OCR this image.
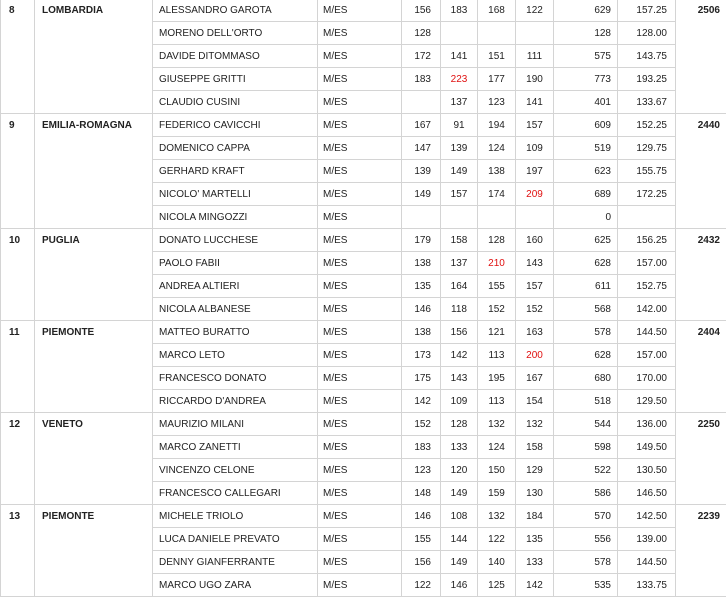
8	LOMBARDIA	ALESSANDRO GAROTA	M/ES	156	183	168	122	629	157.25	2506
		MORENO DELL'ORTO	M/ES	128				128	128.00	
		DAVIDE DITOMMASO	M/ES	172	141	151	111	575	143.75	
		GIUSEPPE GRITTI	M/ES	183	223	177	190	773	193.25	
		CLAUDIO CUSINI	M/ES		137	123	141	401	133.67	
9	EMILIA-ROMAGNA	FEDERICO CAVICCHI	M/ES	167	91	194	157	609	152.25	2440
		DOMENICO CAPPA	M/ES	147	139	124	109	519	129.75	
		GERHARD KRAFT	M/ES	139	149	138	197	623	155.75	
		NICOLO' MARTELLI	M/ES	149	157	174	209	689	172.25	
		NICOLA MINGOZZI	M/ES					0		
10	PUGLIA	DONATO LUCCHESE	M/ES	179	158	128	160	625	156.25	2432
		PAOLO FABII	M/ES	138	137	210	143	628	157.00	
		ANDREA ALTIERI	M/ES	135	164	155	157	611	152.75	
		NICOLA ALBANESE	M/ES	146	118	152	152	568	142.00	
11	PIEMONTE	MATTEO BURATTO	M/ES	138	156	121	163	578	144.50	2404
		MARCO LETO	M/ES	173	142	113	200	628	157.00	
		FRANCESCO DONATO	M/ES	175	143	195	167	680	170.00	
		RICCARDO D'ANDREA	M/ES	142	109	113	154	518	129.50	
12	VENETO	MAURIZIO MILANI	M/ES	152	128	132	132	544	136.00	2250
		MARCO ZANETTI	M/ES	183	133	124	158	598	149.50	
		VINCENZO CELONE	M/ES	123	120	150	129	522	130.50	
		FRANCESCO CALLEGARI	M/ES	148	149	159	130	586	146.50	
13	PIEMONTE	MICHELE TRIOLO	M/ES	146	108	132	184	570	142.50	2239
		LUCA DANIELE PREVATO	M/ES	155	144	122	135	556	139.00	
		DENNY GIANFERRANTE	M/ES	156	149	140	133	578	144.50	
		MARCO UGO ZARA	M/ES	122	146	125	142	535	133.75	
